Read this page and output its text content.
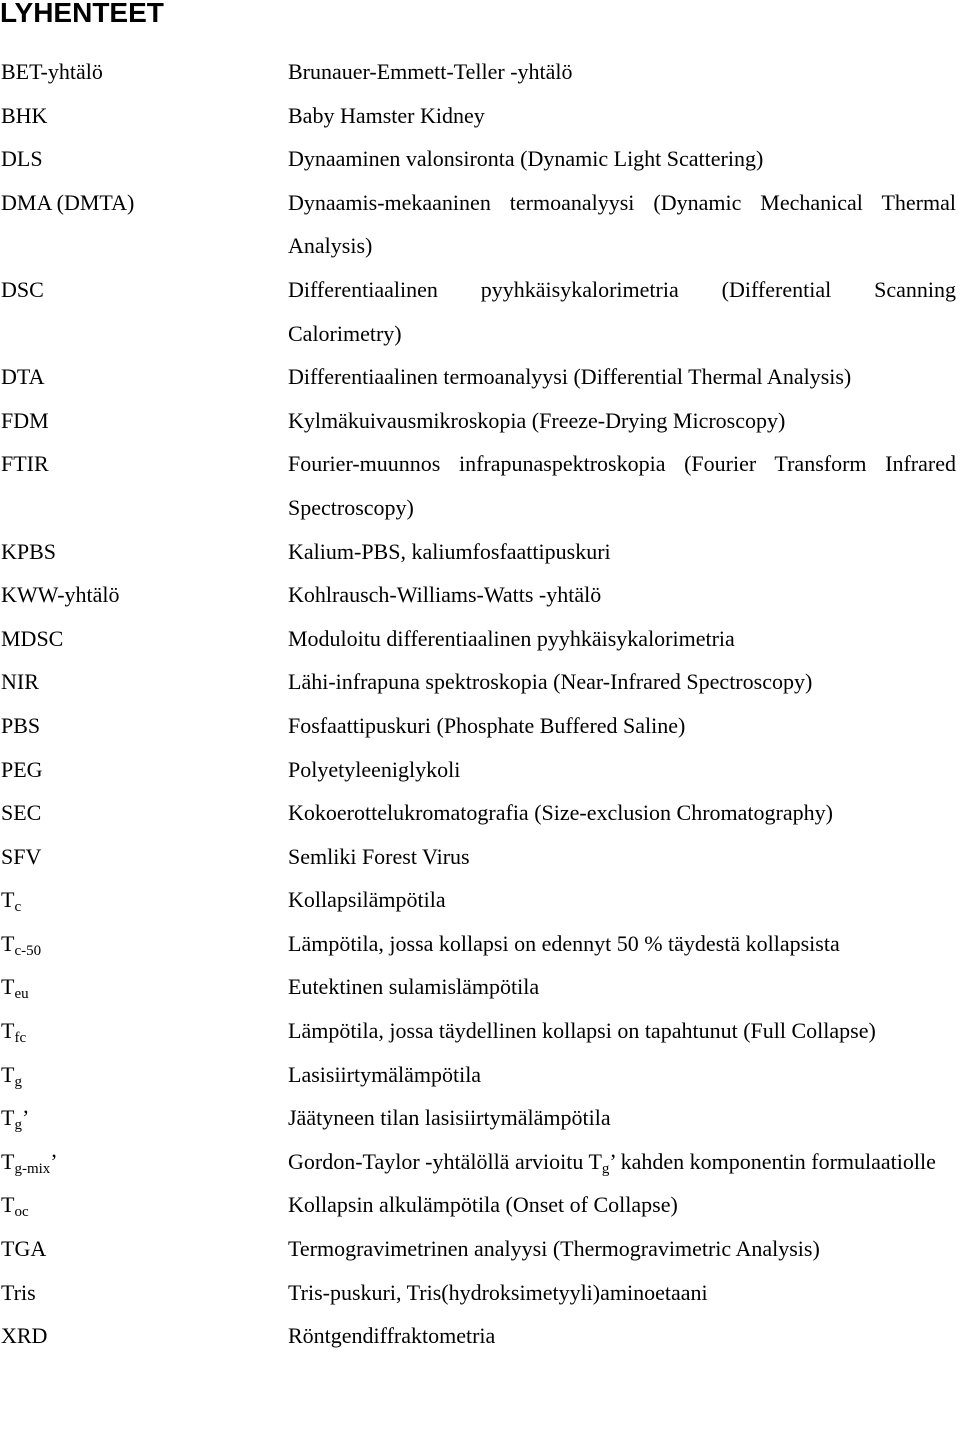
LYHENTEET
BET-yhtälö	Brunauer-Emmett-Teller -yhtälö
BHK	Baby Hamster Kidney
DLS	Dynaaminen valonsironta (Dynamic Light Scattering)
DMA (DMTA)	Dynaamis-mekaaninen termoanalyysi (Dynamic Mechanical Thermal Analysis)
DSC	Differentiaalinen pyyhkäisykalorimetria (Differential Scanning Calorimetry)
DTA	Differentiaalinen termoanalyysi (Differential Thermal Analysis)
FDM	Kylmäkuivausmikroskopia (Freeze-Drying Microscopy)
FTIR	Fourier-muunnos infrapunaspektroskopia (Fourier Transform Infrared Spectroscopy)
KPBS	Kalium-PBS, kaliumfosfaattipuskuri
KWW-yhtälö	Kohlrausch-Williams-Watts -yhtälö
MDSC	Moduloitu differentiaalinen pyyhkäisykalorimetria
NIR	Lähi-infrapuna spektroskopia (Near-Infrared Spectroscopy)
PBS	Fosfaattipuskuri (Phosphate Buffered Saline)
PEG	Polyetyleeniglykoli
SEC	Kokoerottelukromatografia (Size-exclusion Chromatography)
SFV	Semliki Forest Virus
$T_c$	Kollapsilämpötila
$T_{c-50}$	Lämpötila, jossa kollapsi on edennyt 50 % täydestä kollapsista
$T_{eu}$	Eutektinen sulamislämpötila
$T_{fc}$	Lämpötila, jossa täydellinen kollapsi on tapahtunut (Full Collapse)
$T_g$	Lasisiirtymälämpötila
$T_g$’	Jäätyneen tilan lasisiirtymälämpötila
$T_{g-mix}$’	Gordon-Taylor -yhtälöllä arvioitu $T_g$’ kahden komponentin formulaatiolle
$T_{oc}$	Kollapsin alkulämpötila (Onset of Collapse)
TGA	Termogravimetrinen analyysi (Thermogravimetric Analysis)
Tris	Tris-puskuri, Tris(hydroksimetyyli)aminoetaani
XRD	Röntgendiffraktometria
